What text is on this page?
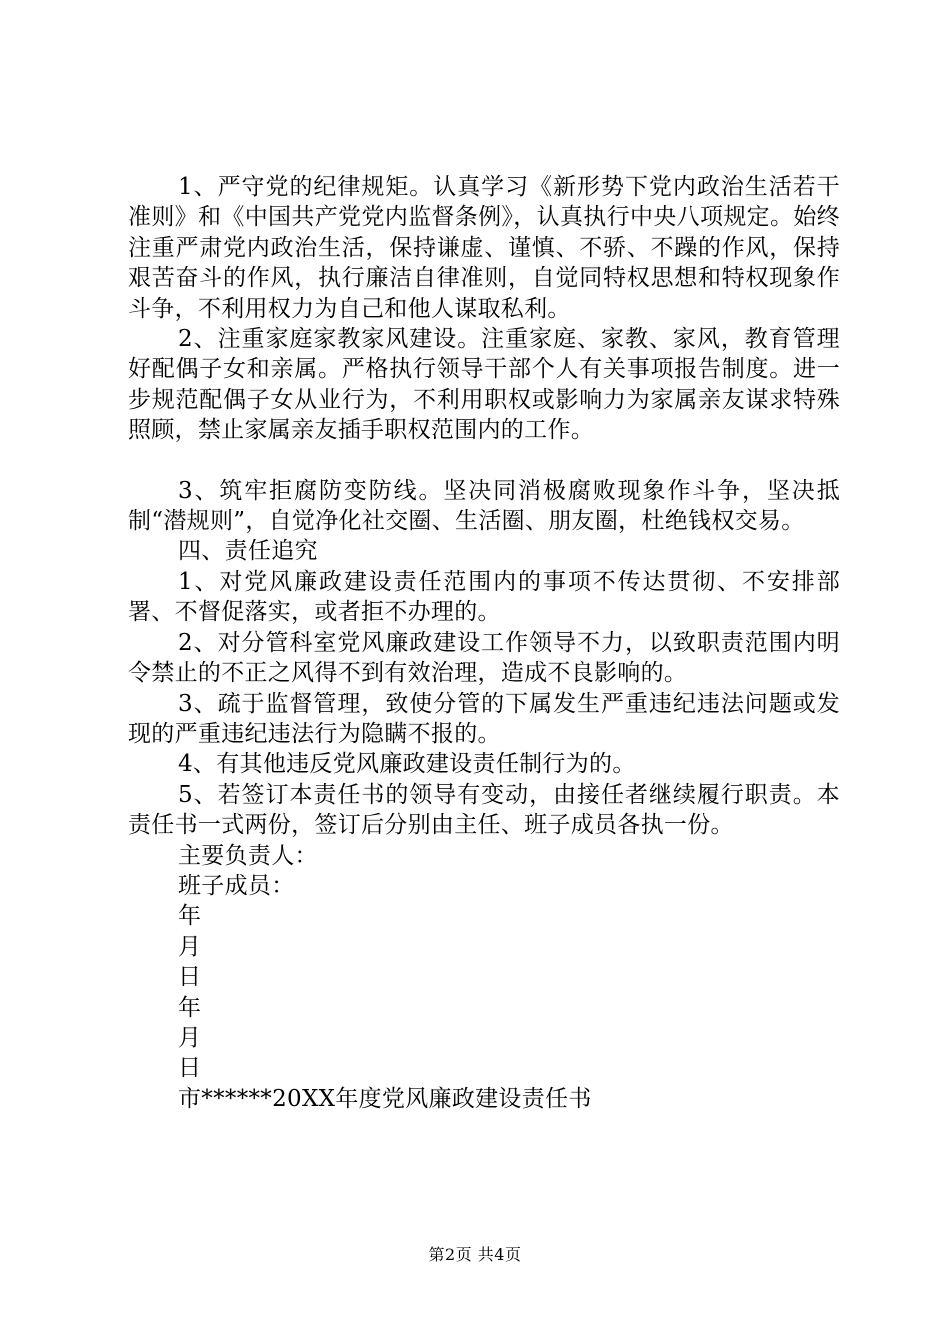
1、严守党的纪律规矩。认真学习《新形势下党内政治生活若干准则》和《中国共产党党内监督条例》，认真执行中央八项规定。始终注重严肃党内政治生活，保持谦虚、谨慎、不骄、不躁的作风，保持艰苦奋斗的作风，执行廉洁自律准则，自觉同特权思想和特权现象作斗争，不利用权力为自己和他人谋取私利。

2、注重家庭家教家风建设。注重家庭、家教、家风，教育管理好配偶子女和亲属。严格执行领导干部个人有关事项报告制度。进一步规范配偶子女从业行为，不利用职权或影响力为家属亲友谋求特殊照顾，禁止家属亲友插手职权范围内的工作。

3、筑牢拒腐防变防线。坚决同消极腐败现象作斗争，坚决抵制“潜规则”，自觉净化社交圈、生活圈、朋友圈，杜绝钱权交易。

四、责任追究

1、对党风廉政建设责任范围内的事项不传达贯彻、不安排部署、不督促落实，或者拒不办理的。

2、对分管科室党风廉政建设工作领导不力，以致职责范围内明令禁止的不正之风得不到有效治理，造成不良影响的。

3、疏于监督管理，致使分管的下属发生严重违纪违法问题或发现的严重违纪违法行为隐瞒不报的。

4、有其他违反党风廉政建设责任制行为的。

5、若签订本责任书的领导有变动，由接任者继续履行职责。本责任书一式两份，签订后分别由主任、班子成员各执一份。

主要负责人：

班子成员：

年

月

日

年

月

日

市******20XX年度党风廉政建设责任书

第2页 共4页
